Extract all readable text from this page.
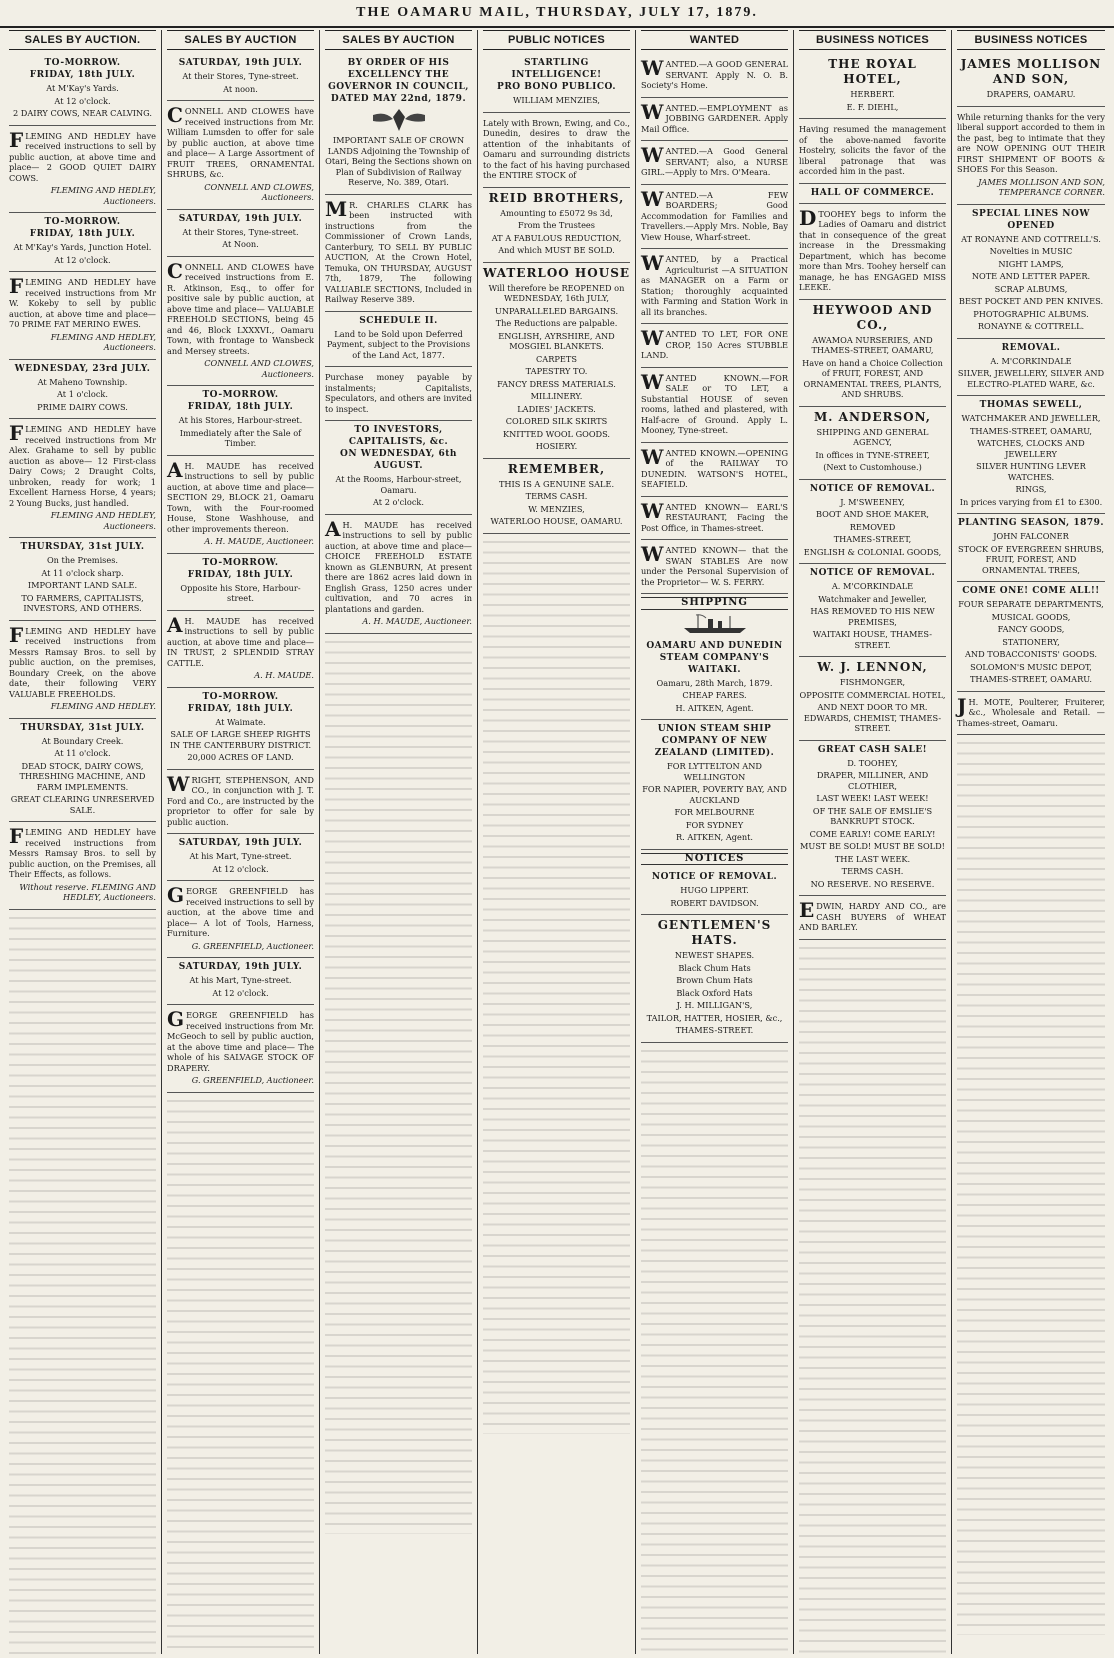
THE OAMARU MAIL, THURSDAY, JULY 17, 1879.
SALES BY AUCTION.
TO-MORROW.
FRIDAY, 18th JULY.

At M'Kay's Yards.

At 12 o'clock.

2 DAIRY COWS, NEAR CALVING.

FLEMING AND HEDLEY have received instructions to sell by public auction, at above time and place— 2 GOOD QUIET DAIRY COWS.

FLEMING AND HEDLEY, Auctioneers.

TO-MORROW.
FRIDAY, 18th JULY.

At M'Kay's Yards, Junction Hotel.

At 12 o'clock.

FLEMING AND HEDLEY have received instructions from Mr W. Kokeby to sell by public auction, at above time and place— 70 PRIME FAT MERINO EWES.

FLEMING AND HEDLEY, Auctioneers.

WEDNESDAY, 23rd JULY.

At Maheno Township.

At 1 o'clock.

PRIME DAIRY COWS.

FLEMING AND HEDLEY have received instructions from Mr Alex. Grahame to sell by public auction as above— 12 First-class Dairy Cows; 2 Draught Colts, unbroken, ready for work; 1 Excellent Harness Horse, 4 years; 2 Young Bucks, just handled.

FLEMING AND HEDLEY, Auctioneers.

THURSDAY, 31st JULY.

On the Premises.

At 11 o'clock sharp.

IMPORTANT LAND SALE.

TO FARMERS, CAPITALISTS, INVESTORS, AND OTHERS.

FLEMING AND HEDLEY have received instructions from Messrs Ramsay Bros. to sell by public auction, on the premises, Boundary Creek, on the above date, their following VERY VALUABLE FREEHOLDS.

FLEMING AND HEDLEY.

THURSDAY, 31st JULY.

At Boundary Creek.

At 11 o'clock.

DEAD STOCK, DAIRY COWS, THRESHING MACHINE, AND FARM IMPLEMENTS.

GREAT CLEARING UNRESERVED SALE.

FLEMING AND HEDLEY have received instructions from Messrs Ramsay Bros. to sell by public auction, on the Premises, all Their Effects, as follows.

Without reserve. FLEMING AND HEDLEY, Auctioneers.

SALES BY AUCTION
SATURDAY, 19th JULY.

At their Stores, Tyne-street.

At noon.

CONNELL AND CLOWES have received instructions from Mr. William Lumsden to offer for sale by public auction, at above time and place— A Large Assortment of FRUIT TREES, ORNAMENTAL SHRUBS, &c.

CONNELL AND CLOWES, Auctioneers.

SATURDAY, 19th JULY.

At their Stores, Tyne-street.

At Noon.

CONNELL AND CLOWES have received instructions from E. R. Atkinson, Esq., to offer for positive sale by public auction, at above time and place— VALUABLE FREEHOLD SECTIONS, being 45 and 46, Block LXXXVI., Oamaru Town, with frontage to Wansbeck and Mersey streets.

CONNELL AND CLOWES, Auctioneers.

TO-MORROW.
FRIDAY, 18th JULY.

At his Stores, Harbour-street.

Immediately after the Sale of Timber.

A H. MAUDE has received instructions to sell by public auction, at above time and place— SECTION 29, BLOCK 21, Oamaru Town, with the Four-roomed House, Stone Washhouse, and other improvements thereon.

A. H. MAUDE, Auctioneer.

TO-MORROW.
FRIDAY, 18th JULY.

Opposite his Store, Harbour-street.

A H. MAUDE has received instructions to sell by public auction, at above time and place— IN TRUST, 2 SPLENDID STRAY CATTLE.

A. H. MAUDE.

TO-MORROW.
FRIDAY, 18th JULY.

At Waimate.

SALE OF LARGE SHEEP RIGHTS IN THE CANTERBURY DISTRICT.

20,000 ACRES OF LAND.

WRIGHT, STEPHENSON, AND CO., in conjunction with J. T. Ford and Co., are instructed by the proprietor to offer for sale by public auction.

SATURDAY, 19th JULY.

At his Mart, Tyne-street.

At 12 o'clock.

GEORGE GREENFIELD has received instructions to sell by auction, at the above time and place— A lot of Tools, Harness, Furniture.

G. GREENFIELD, Auctioneer.

SATURDAY, 19th JULY.

At his Mart, Tyne-street.

At 12 o'clock.

GEORGE GREENFIELD has received instructions from Mr. McGeoch to sell by public auction, at the above time and place— The whole of his SALVAGE STOCK OF DRAPERY.

G. GREENFIELD, Auctioneer.

SALES BY AUCTION
BY ORDER OF HIS EXCELLENCY THE GOVERNOR IN COUNCIL,
DATED MAY 22nd, 1879.

IMPORTANT SALE OF CROWN LANDS Adjoining the Township of Otari, Being the Sections shown on Plan of Subdivision of Railway Reserve, No. 389, Otari.

M R. CHARLES CLARK has been instructed with instructions from the Commissioner of Crown Lands, Canterbury, TO SELL BY PUBLIC AUCTION, At the Crown Hotel, Temuka, ON THURSDAY, AUGUST 7th, 1879, The following VALUABLE SECTIONS, Included in Railway Reserve 389.

SCHEDULE II.

Land to be Sold upon Deferred Payment, subject to the Provisions of the Land Act, 1877.

Purchase money payable by instalments; Capitalists, Speculators, and others are invited to inspect.

TO INVESTORS, CAPITALISTS, &c.
ON WEDNESDAY, 6th AUGUST.

At the Rooms, Harbour-street, Oamaru.

At 2 o'clock.

A H. MAUDE has received instructions to sell by public auction, at above time and place— CHOICE FREEHOLD ESTATE known as GLENBURN, At present there are 1862 acres laid down in English Grass, 1250 acres under cultivation, and 70 acres in plantations and garden.

A. H. MAUDE, Auctioneer.

PUBLIC NOTICES
STARTLING INTELLIGENCE!
PRO BONO PUBLICO.

WILLIAM MENZIES,

Lately with Brown, Ewing, and Co., Dunedin, desires to draw the attention of the inhabitants of Oamaru and surrounding districts to the fact of his having purchased the ENTIRE STOCK of

REID BROTHERS,

Amounting to £5072 9s 3d,

From the Trustees

AT A FABULOUS REDUCTION,

And which MUST BE SOLD.

WATERLOO HOUSE

Will therefore be REOPENED on WEDNESDAY, 16th JULY,

UNPARALLELED BARGAINS.

The Reductions are palpable.

ENGLISH, AYRSHIRE, AND MOSGIEL BLANKETS.

CARPETS

TAPESTRY TO.

FANCY DRESS MATERIALS.

MILLINERY.

LADIES' JACKETS.

COLORED SILK SKIRTS

KNITTED WOOL GOODS.

HOSIERY.

REMEMBER,

THIS IS A GENUINE SALE.

TERMS CASH.

W. MENZIES,

WATERLOO HOUSE, OAMARU.

WANTED

WANTED.—A GOOD GENERAL SERVANT. Apply N. O. B. Society's Home.

WANTED.—EMPLOYMENT as JOBBING GARDENER. Apply Mail Office.

WANTED.—A Good General SERVANT; also, a NURSE GIRL.—Apply to Mrs. O'Meara.

WANTED.—A FEW BOARDERS; Good Accommodation for Families and Travellers.—Apply Mrs. Noble, Bay View House, Wharf-street.

WANTED, by a Practical Agriculturist —A SITUATION as MANAGER on a Farm or Station; thoroughly acquainted with Farming and Station Work in all its branches.

WANTED TO LET, FOR ONE CROP, 150 Acres STUBBLE LAND.

WANTED KNOWN.—FOR SALE or TO LET, a Substantial HOUSE of seven rooms, lathed and plastered, with Half-acre of Ground. Apply L. Mooney, Tyne-street.

WANTED KNOWN.—OPENING of the RAILWAY TO DUNEDIN. WATSON'S HOTEL, SEAFIELD.

WANTED KNOWN— EARL'S RESTAURANT, Facing the Post Office, in Thames-street.

WANTED KNOWN— that the SWAN STABLES Are now under the Personal Supervision of the Proprietor— W. S. FERRY.

SHIPPING
OAMARU AND DUNEDIN STEAM COMPANY'S WAITAKI.

Oamaru, 28th March, 1879.

CHEAP FARES.

H. AITKEN, Agent.

UNION STEAM SHIP COMPANY OF NEW ZEALAND (LIMITED).

FOR LYTTELTON AND WELLINGTON

FOR NAPIER, POVERTY BAY, AND AUCKLAND

FOR MELBOURNE

FOR SYDNEY

R. AITKEN, Agent.

NOTICES
NOTICE OF REMOVAL.

HUGO LIPPERT.

ROBERT DAVIDSON.

GENTLEMEN'S HATS.

NEWEST SHAPES.

Black Chum Hats

Brown Chum Hats

Black Oxford Hats

J. H. MILLIGAN'S,

TAILOR, HATTER, HOSIER, &c.,

THAMES-STREET.

BUSINESS NOTICES
THE ROYAL HOTEL,

HERBERT.

E. F. DIEHL,

Having resumed the management of the above-named favorite Hostelry, solicits the favor of the liberal patronage that was accorded him in the past.

HALL OF COMMERCE.

DTOOHEY begs to inform the Ladies of Oamaru and district that in consequence of the great increase in the Dressmaking Department, which has become more than Mrs. Toohey herself can manage, he has ENGAGED MISS LEEKE.

HEYWOOD AND CO.,

AWAMOA NURSERIES, AND THAMES-STREET, OAMARU,

Have on hand a Choice Collection of FRUIT, FOREST, AND ORNAMENTAL TREES, PLANTS, AND SHRUBS.

M. ANDERSON,

SHIPPING AND GENERAL AGENCY,

In offices in TYNE-STREET,

(Next to Customhouse.)

NOTICE OF REMOVAL.

J. M'SWEENEY,

BOOT AND SHOE MAKER,

REMOVED

THAMES-STREET,

ENGLISH & COLONIAL GOODS,

NOTICE OF REMOVAL.

A. M'CORKINDALE

Watchmaker and Jeweller,

HAS REMOVED TO HIS NEW PREMISES,

WAITAKI HOUSE, THAMES-STREET.

W. J. LENNON,

FISHMONGER,

OPPOSITE COMMERCIAL HOTEL,

AND NEXT DOOR TO MR. EDWARDS, CHEMIST, THAMES-STREET.

GREAT CASH SALE!

D. TOOHEY,

DRAPER, MILLINER, AND CLOTHIER,

LAST WEEK! LAST WEEK!

OF THE SALE OF EMSLIE'S BANKRUPT STOCK.

COME EARLY! COME EARLY!

MUST BE SOLD! MUST BE SOLD!

THE LAST WEEK.

TERMS CASH.

NO RESERVE. NO RESERVE.

EDWIN, HARDY AND CO., are CASH BUYERS of WHEAT AND BARLEY.

BUSINESS NOTICES
JAMES MOLLISON AND SON,

DRAPERS, OAMARU.

While returning thanks for the very liberal support accorded to them in the past, beg to intimate that they are NOW OPENING OUT THEIR FIRST SHIPMENT OF BOOTS & SHOES For this Season.

JAMES MOLLISON AND SON, TEMPERANCE CORNER.

SPECIAL LINES NOW OPENED

AT RONAYNE AND COTTRELL'S.

Novelties in MUSIC

NIGHT LAMPS,

NOTE AND LETTER PAPER.

SCRAP ALBUMS,

BEST POCKET AND PEN KNIVES.

PHOTOGRAPHIC ALBUMS.

RONAYNE & COTTRELL.

REMOVAL.

A. M'CORKINDALE

SILVER, JEWELLERY, SILVER AND ELECTRO-PLATED WARE, &c.

THOMAS SEWELL,

WATCHMAKER AND JEWELLER,

THAMES-STREET, OAMARU,

WATCHES, CLOCKS AND JEWELLERY

SILVER HUNTING LEVER WATCHES.

RINGS,

In prices varying from £1 to £300.

PLANTING SEASON, 1879.

JOHN FALCONER

STOCK OF EVERGREEN SHRUBS, FRUIT, FOREST, AND ORNAMENTAL TREES,

COME ONE! COME ALL!!

FOUR SEPARATE DEPARTMENTS,

MUSICAL GOODS,

FANCY GOODS,

STATIONERY,

AND TOBACCONISTS' GOODS.

SOLOMON'S MUSIC DEPOT,

THAMES-STREET, OAMARU.

J H. MOTE, Poulterer, Fruiterer, &c., Wholesale and Retail. — Thames-street, Oamaru.
